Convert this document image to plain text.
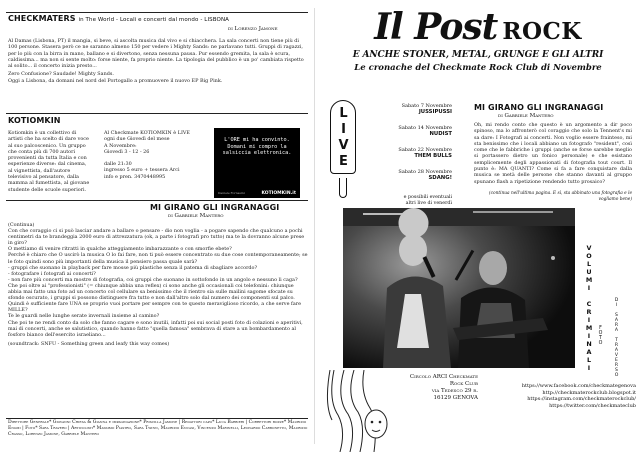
CHECKMATERS in The World - Locali e concerti dal mondo - LISBONA
di Lorenzo Jamone

Al Damas (Lisbona, PT) il mangia, si beve, si ascolta musica dal vivo e si chiacchera. La sala concerti non tiene più di 100 persone. Stasera però ce ne saranno almeno 150 per vedere i Mighty Sands: ne parlavano tutti. Gruppi di ragazzi, per lo più con la birra in mano, ballano e si divertono, senza nessuna pausa. Pur essendo gremita, la sala è scura, caldissima... ma non si sente molto: forse niente, fa proprio niente. La tipologia del pubblico è un po' cambiata rispetto al solito... il concerto inizia presto...

Zero Confusione? Saudade! Mighty Sands.

Oggi a Lisbona, da domani nel nord del Portogallo a promuovere il nuovo EP Big Pink.

KOTIOMKIN

Kotiomkin è un collettivo di artisti che ha scelto di dare voce al suo palcoscenico. Un gruppo che conta più di 700 autori provenienti da tutta Italia e con esperienze diverse: dal cinema, al vignettista, dall'autore televisivo al pensatore, dalla mamma al fumettista, al giovane studente delle scuole superiori.

Al Checkmate KOTIOMKIN è LIVE

ogni due Giovedì del mese

A Novembre:

Giovedì 3 - 12 - 26

dalle 21:30

ingresso 5 euro + tessera Arci

info e pren. 3470448995

L'ORE mi ha convinto. Domani mi compro la salsiccia elettronica.
Daniele Fornasini	KOTIOMKIN.it
MI GIRANO GLI INGRANAGGI
di Gabriele Mantero

(Continua)

Con che coraggio ci si può lasciar andare a ballare o pensare - dio non voglia - a pogare sapendo che qualcuno a pochi centimetri da te brandeggia 2000 euro di attrezzatura (ok, a parte i fotografi pro tutto) ma te la dovranno alcune prese in giro?

O mettiamo di venire ritratti in qualche atteggiamento imbarazzante o con smorfie ebete?

Perché è chiaro che O uscirò la musica O lo fai fare, non ti può essere concentrato su due cose contemporaneamente; se le foto quindi sono più importanti della musica il pensiero passa quale sarà?

- gruppi che suonano in playback per fare mosse più plastiche senza il patema di sbagliare accordo?

- fotografare i fotografi ai concerti?

- non fare più concerti ma mostre di fotografia, coi gruppi che suonano in sottofondo in un angolo e nessuno li caga?

Che poi oltre ai "professionisti" (= chiunque abbia una reflex) ci sono anche gli occasionali coi telefonini: chiunque abbia mai fatto una foto ad un concerto col cellulare sa benissimo che il rientro sia sulle mailini sagome sfocate su sfondo oscurato, i gruppi si possono distinguere fra tutto e non dall'altro solo dal numero dei componenti sul palco.

Quindi è sufficiente fare UNA se proprio vuoi portare per sempre con te questo meraviglioso ricordo, a che serve fare MILLE?

Te le guardi nelle lunghe serate invernali insieme al camino?

Che poi te ne rendi conto da solo che fanno cagare e sono inutili, infatti poi sui social posti foto di colazioni e aperitivi, mai di concerti, anche se salutistico, quando hanno fatto "quella famosa" sembrava di stare a un bombardamento al fosforo bianco dell'esercito israeliano...

(soundtrack: SNFU - Something green and leafy this way comes)

Direttore Generale* Giovanni Chiesa & Gianna e impaginazione* Priscilla Jamone | Redattori capo* Luca Barbieri | Correttori bozze* Maurizio Engmi | Foto* Sara Travero | Articolisti* Massimo Piastro, Sara Twinn, Maurizio Encasi, Vincenzo Marinelli, Leonardo Carbonetto, Maurizio Crasso, Lorenzo Jamone, Gabriele Mantero
Il Post ROCK
E ANCHE STONER, METAL, GRUNGE E GLI ALTRI
Le cronache del Checkmate Rock Club di Novembre
LIVE	Sabato 7 Novembre
JUSSIPUSSI
Sabato 14 Novembre
NUDIST
Sabato 22 Novembre
THEM BULLS
Sabato 28 Novembre
SDANG!
e possibili eventuali altri live di venerdì
MI GIRANO GLI INGRANAGGI
di Gabriele Mantero
Oh, mi rendo conto che questo è un argomento a dir poco spinoso, ma lo affronterò col coraggio che solo la Tennent's mi sa dare: I Fotografi ai concerti. Non voglio essere frainteso, mi sta benissimo che i locali abbiano un fotografo "resident", così come che le fabbriche i gruppi (anche se forse sarebbe meglio si portassero dietro un fonico personale) e che esistano semplicemente degli appassionati di fotografia tout court. Il punto è: MA QUANTI? Come si fa a fare conquistare dalla musica se metà delle persone che stanno davanti al gruppo spunano flash a ripetizione rendendo tutto prosaico?
(continua nell'ultima pagina. E sì, sta abbinato una fotografia e le vogliamo bene)
VOLUMI CRIMINALI FOTO DI SARA TRAVERSO
Circolo ARCI Checkmate Rock Club
via Tedesco 29 r.
16129 GENOVA
https://www.facebook.com/checkmategenova
http://checkmaterockclub.blogspot.it
https://instagram.com/checkmaterockclub/
https://twitter.com/checkmateclub
